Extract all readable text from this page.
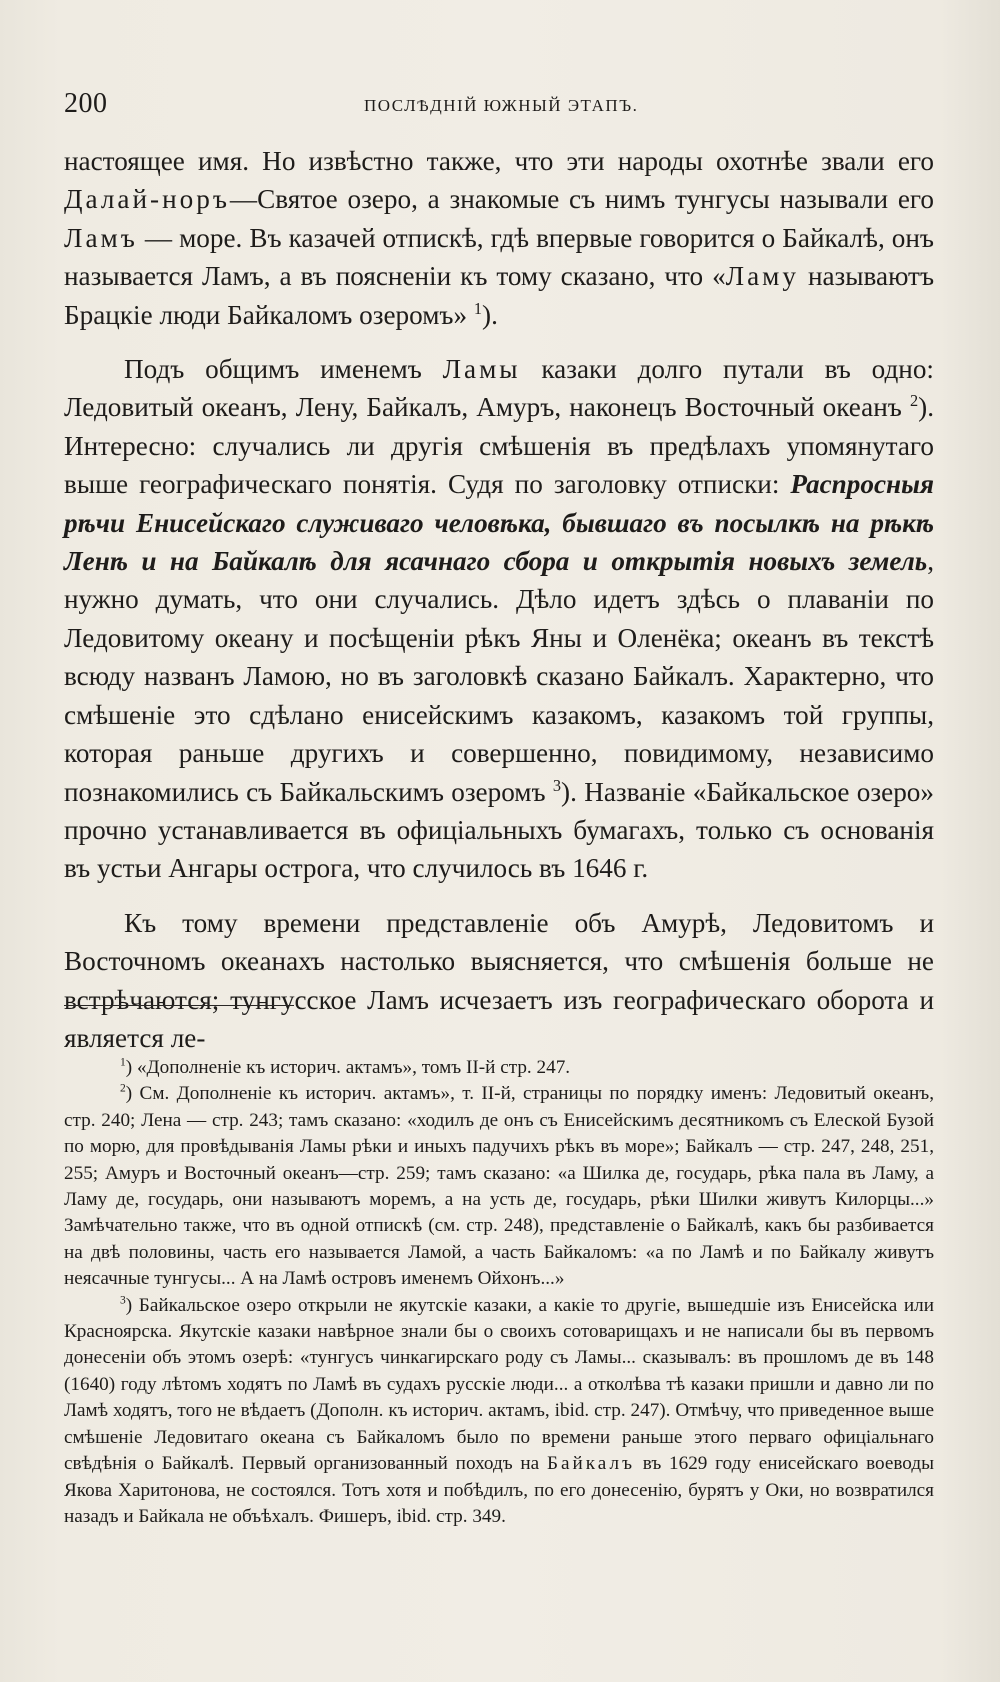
200	ПОСЛѢДНІЙ ЮЖНЫЙ ЭТАПЪ.

настоящее имя. Но извѣстно также, что эти народы охотнѣе звали его Далай-норъ—Святое озеро, а знакомые съ нимъ тунгусы называли его Ламъ — море. Въ казачей отпискѣ, гдѣ впервые говорится о Байкалѣ, онъ называется Ламъ, а въ поясненіи къ тому сказано, что «Ламу называютъ Брацкіе люди Байкаломъ озеромъ» $^1$).

Подъ общимъ именемъ Ламы казаки долго путали въ одно: Ледовитый океанъ, Лену, Байкалъ, Амуръ, наконецъ Восточный океанъ $^2$). Интересно: случались ли другія смѣшенія въ предѣлахъ упомянутаго выше географическаго понятія. Судя по заголовку отписки: Распросныя рѣчи Енисейскаго служиваго человѣка, бывшаго въ посылкѣ на рѣкѣ Ленѣ и на Байкалѣ для ясачнаго сбора и открытія новыхъ земель, нужно думать, что они случались. Дѣло идетъ здѣсь о плаваніи по Ледовитому океану и посѣщеніи рѣкъ Яны и Оленёка; океанъ въ текстѣ всюду названъ Ламою, но въ заголовкѣ сказано Байкалъ. Характерно, что смѣшеніе это сдѣлано енисейскимъ казакомъ, казакомъ той группы, которая раньше другихъ и совершенно, повидимому, независимо познакомились съ Байкальскимъ озеромъ $^3$). Названіе «Байкальское озеро» прочно устанавливается въ офиціальныхъ бумагахъ, только съ основанія въ устьи Ангары острога, что случилось въ 1646 г.

Къ тому времени представленіе объ Амурѣ, Ледовитомъ и Восточномъ океанахъ настолько выясняется, что смѣшенія больше не встрѣчаются; тунгусское Ламъ исчезаетъ изъ географическаго оборота и является ле-

$^1$) «Дополненіе къ историч. актамъ», томъ II-й стр. 247.

$^2$) См. Дополненіе къ историч. актамъ», т. II-й, страницы по порядку именъ: Ледовитый океанъ, стр. 240; Лена — стр. 243; тамъ сказано: «ходилъ де онъ съ Енисейскимъ десятникомъ съ Елеской Бузой по морю, для провѣдыванія Ламы рѣки и иныхъ падучихъ рѣкъ въ море»; Байкалъ — стр. 247, 248, 251, 255; Амуръ и Восточный океанъ—стр. 259; тамъ сказано: «а Шилка де, государь, рѣка пала въ Ламу, а Ламу де, государь, они называютъ моремъ, а на усть де, государь, рѣки Шилки живутъ Килорцы...» Замѣчательно также, что въ одной отпискѣ (см. стр. 248), представленіе о Байкалѣ, какъ бы разбивается на двѣ половины, часть его называется Ламой, а часть Байкаломъ: «а по Ламѣ и по Байкалу живутъ неясачные тунгусы... А на Ламѣ островъ именемъ Ойхонъ...»

$^3$) Байкальское озеро открыли не якутскіе казаки, а какіе то другіе, вышедшіе изъ Енисейска или Красноярска. Якутскіе казаки навѣрное знали бы о своихъ сотоварищахъ и не написали бы въ первомъ донесеніи объ этомъ озерѣ: «тунгусъ чинкагирскаго роду съ Ламы... сказывалъ: въ прошломъ де въ 148 (1640) году лѣтомъ ходятъ по Ламѣ въ судахъ русскіе люди... а отколѣва тѣ казаки пришли и давно ли по Ламѣ ходятъ, того не вѣдаетъ (Дополн. къ историч. актамъ, ibid. стр. 247). Отмѣчу, что приведенное выше смѣшеніе Ледовитаго океана съ Байкаломъ было по времени раньше этого перваго офиціальнаго свѣдѣнія о Байкалѣ. Первый организованный походъ на Байкалъ въ 1629 году енисейскаго воеводы Якова Харитонова, не состоялся. Тотъ хотя и побѣдилъ, по его донесенію, бурятъ у Оки, но возвратился назадъ и Байкала не объѣхалъ. Фишеръ, ibid. стр. 349.
